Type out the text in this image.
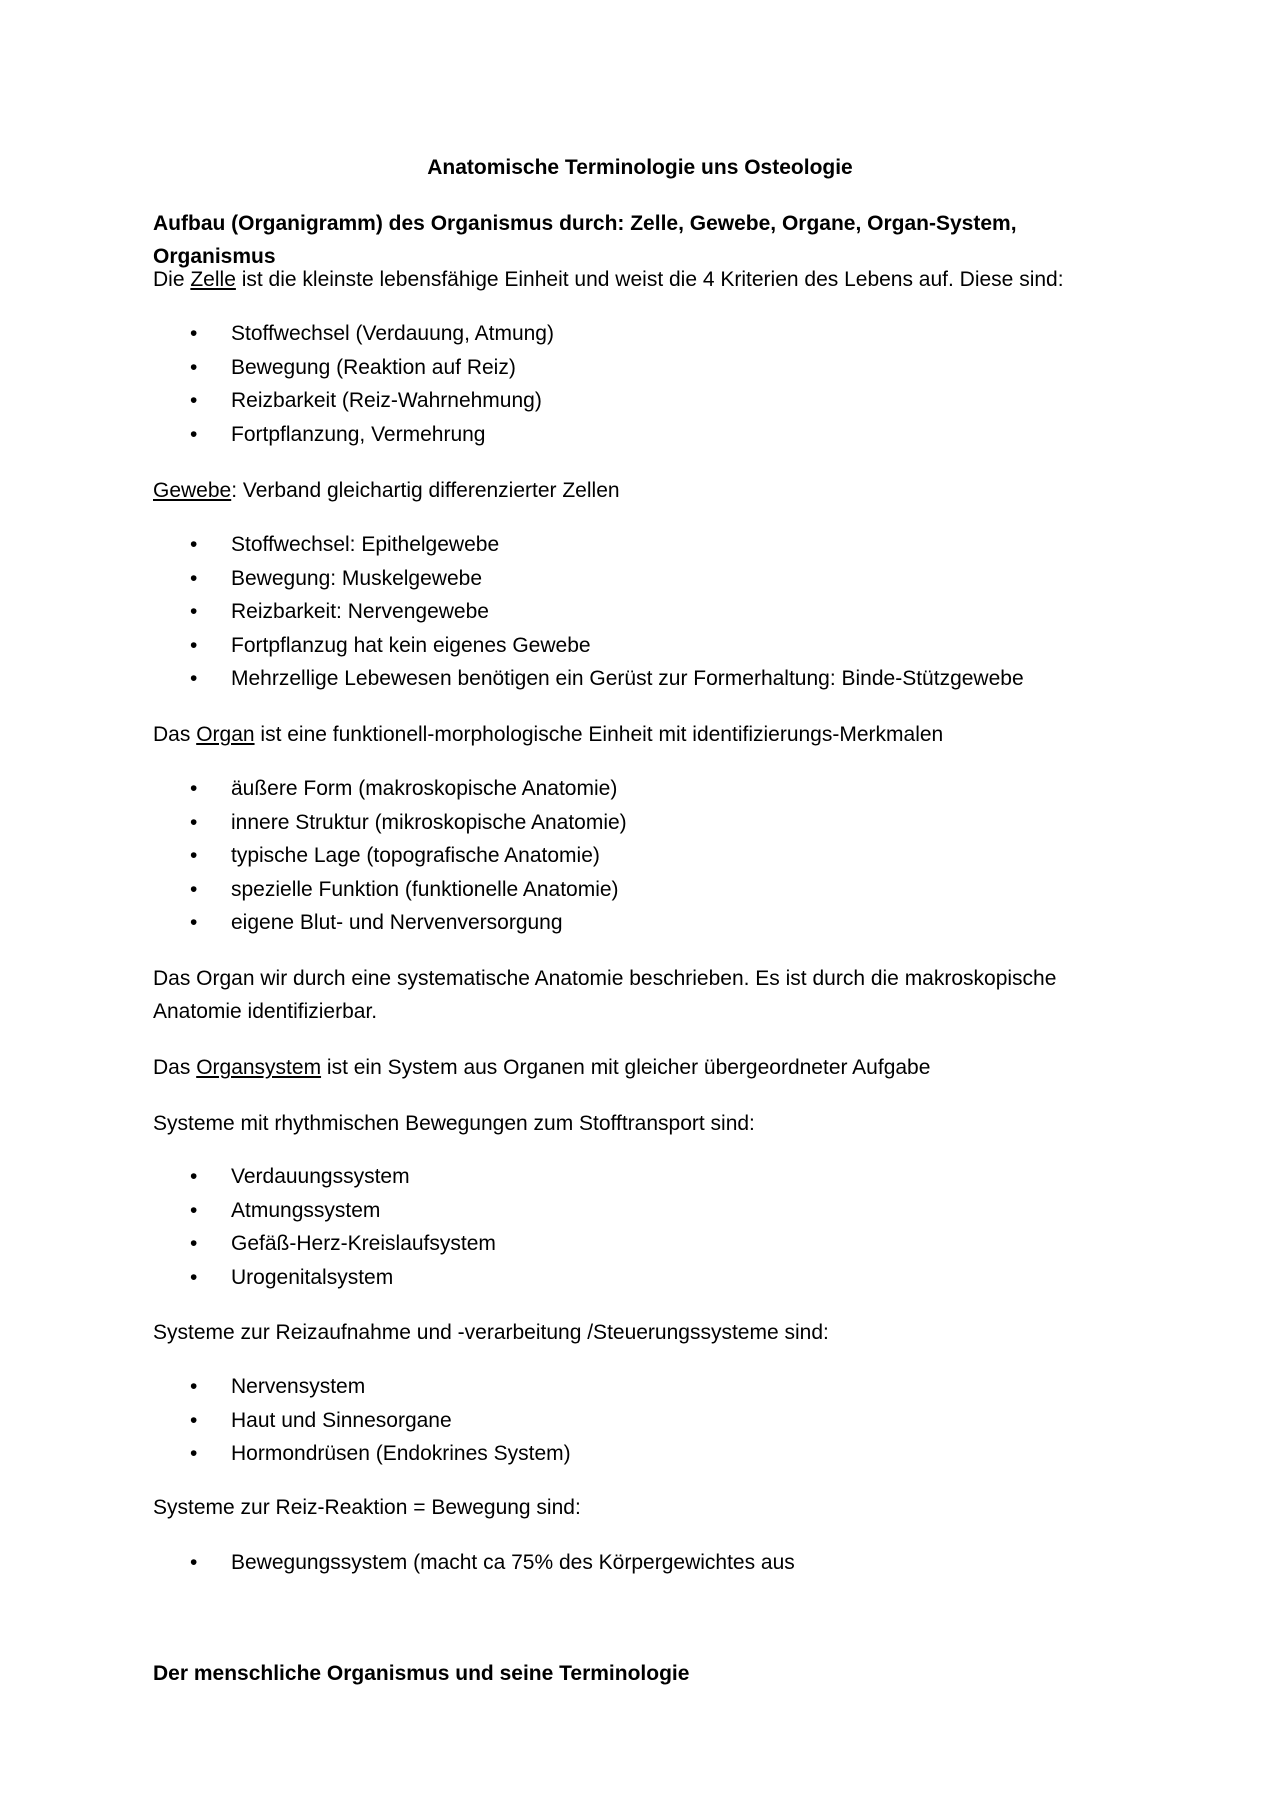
Anatomische Terminologie uns Osteologie

Aufbau (Organigramm) des Organismus durch: Zelle, Gewebe, Organe, Organ-System, Organismus

Die Zelle ist die kleinste lebensfähige Einheit und weist die 4 Kriterien des Lebens auf. Diese sind:

• Stoffwechsel (Verdauung, Atmung)
• Bewegung (Reaktion auf Reiz)
• Reizbarkeit (Reiz-Wahrnehmung)
• Fortpflanzung, Vermehrung

Gewebe: Verband gleichartig differenzierter Zellen

• Stoffwechsel: Epithelgewebe
• Bewegung: Muskelgewebe
• Reizbarkeit: Nervengewebe
• Fortpflanzug hat kein eigenes Gewebe
• Mehrzellige Lebewesen benötigen ein Gerüst zur Formerhaltung: Binde-Stützgewebe

Das Organ ist eine funktionell-morphologische Einheit mit identifizierungs-Merkmalen

• äußere Form (makroskopische Anatomie)
• innere Struktur (mikroskopische Anatomie)
• typische Lage (topografische Anatomie)
• spezielle Funktion (funktionelle Anatomie)
• eigene Blut- und Nervenversorgung

Das Organ wir durch eine systematische Anatomie beschrieben. Es ist durch die makroskopische Anatomie identifizierbar.

Das Organsystem ist ein System aus Organen mit gleicher übergeordneter Aufgabe

Systeme mit rhythmischen Bewegungen zum Stofftransport sind:

• Verdauungssystem
• Atmungssystem
• Gefäß-Herz-Kreislaufsystem
• Urogenitalsystem

Systeme zur Reizaufnahme und -verarbeitung /Steuerungssysteme sind:

• Nervensystem
• Haut und Sinnesorgane
• Hormondrüsen (Endokrines System)

Systeme zur Reiz-Reaktion = Bewegung sind:

• Bewegungssystem (macht ca 75% des Körpergewichtes aus

Der menschliche Organismus und seine Terminologie
